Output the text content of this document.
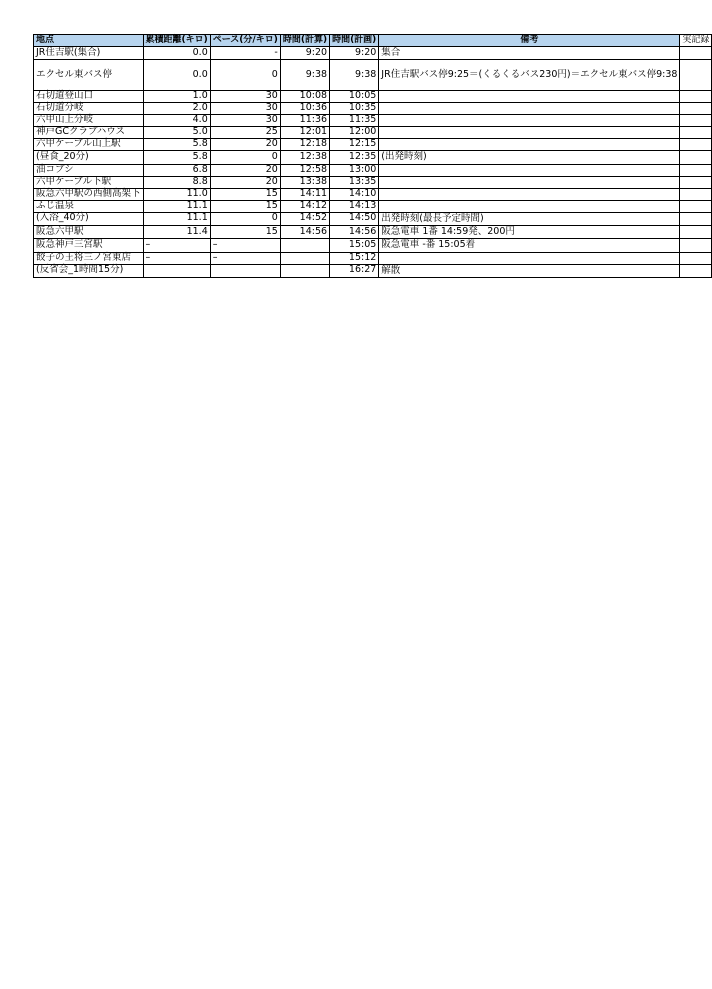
地点	累積距離(キロ)	ペース(分/キロ)	時間(計算)	時間(計画)	備考	実記録
JR住吉駅(集合)	0.0	-	9:20	9:20	集合	
エクセル東バス停	0.0	0	9:38	9:38	JR住吉駅バス停9:25＝(くるくるバス230円)＝エクセル東バス停9:38	
石切道登山口	1.0	30	10:08	10:05		
石切道分岐	2.0	30	10:36	10:35		
六甲山上分岐	4.0	30	11:36	11:35		
神戸GCクラブハウス	5.0	25	12:01	12:00		
六甲ケーブル山上駅	5.8	20	12:18	12:15		
(昼食_20分)	5.8	0	12:38	12:35	(出発時刻)	
油コブシ	6.8	20	12:58	13:00		
六甲ケーブル下駅	8.8	20	13:38	13:35		
阪急六甲駅の西側高架下	11.0	15	14:11	14:10		
ふじ温泉	11.1	15	14:12	14:13		
(入浴_40分)	11.1	0	14:52	14:50	出発時刻(最長予定時間)	
阪急六甲駅	11.4	15	14:56	14:56	阪急電車 1番 14:59発、200円	
阪急神戸三宮駅	–	–		15:05	阪急電車 -番 15:05着	
餃子の王将三ノ宮東店	–	–		15:12		
(反省会_1時間15分)				16:27	解散	
